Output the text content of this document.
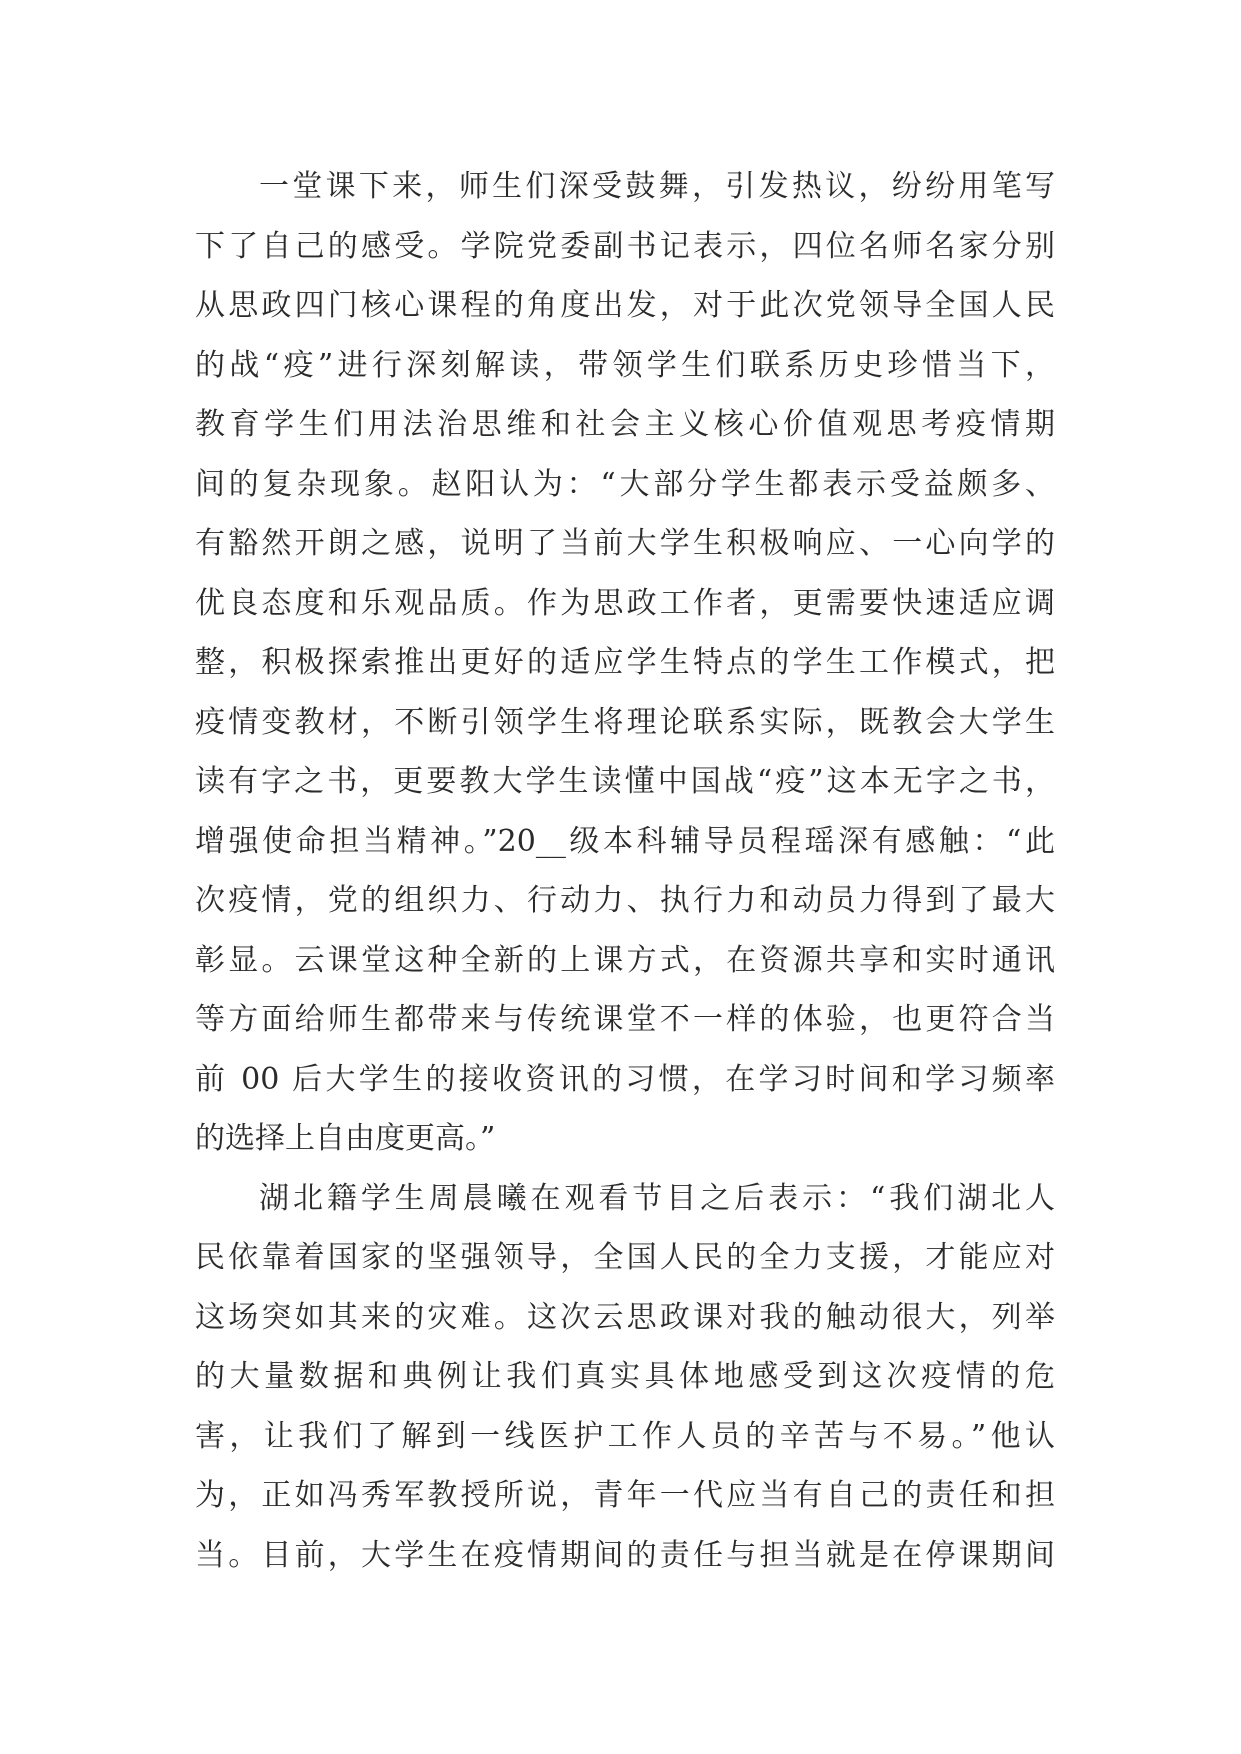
一堂课下来，师生们深受鼓舞，引发热议，纷纷用笔写
下了自己的感受。学院党委副书记表示，四位名师名家分别
从思政四门核心课程的角度出发，对于此次党领导全国人民
的战“疫”进行深刻解读，带领学生们联系历史珍惜当下，
教育学生们用法治思维和社会主义核心价值观思考疫情期
间的复杂现象。赵阳认为：“大部分学生都表示受益颇多、
有豁然开朗之感，说明了当前大学生积极响应、一心向学的
优良态度和乐观品质。作为思政工作者，更需要快速适应调
整，积极探索推出更好的适应学生特点的学生工作模式，把
疫情变教材，不断引领学生将理论联系实际，既教会大学生
读有字之书，更要教大学生读懂中国战“疫”这本无字之书，
增强使命担当精神。”20__级本科辅导员程瑶深有感触：“此
次疫情，党的组织力、行动力、执行力和动员力得到了最大
彰显。云课堂这种全新的上课方式，在资源共享和实时通讯
等方面给师生都带来与传统课堂不一样的体验，也更符合当
前 00 后大学生的接收资讯的习惯，在学习时间和学习频率
的选择上自由度更高。”
湖北籍学生周晨曦在观看节目之后表示：“我们湖北人
民依靠着国家的坚强领导，全国人民的全力支援，才能应对
这场突如其来的灾难。这次云思政课对我的触动很大，列举
的大量数据和典例让我们真实具体地感受到这次疫情的危
害，让我们了解到一线医护工作人员的辛苦与不易。”他认
为，正如冯秀军教授所说，青年一代应当有自己的责任和担
当。目前，大学生在疫情期间的责任与担当就是在停课期间
